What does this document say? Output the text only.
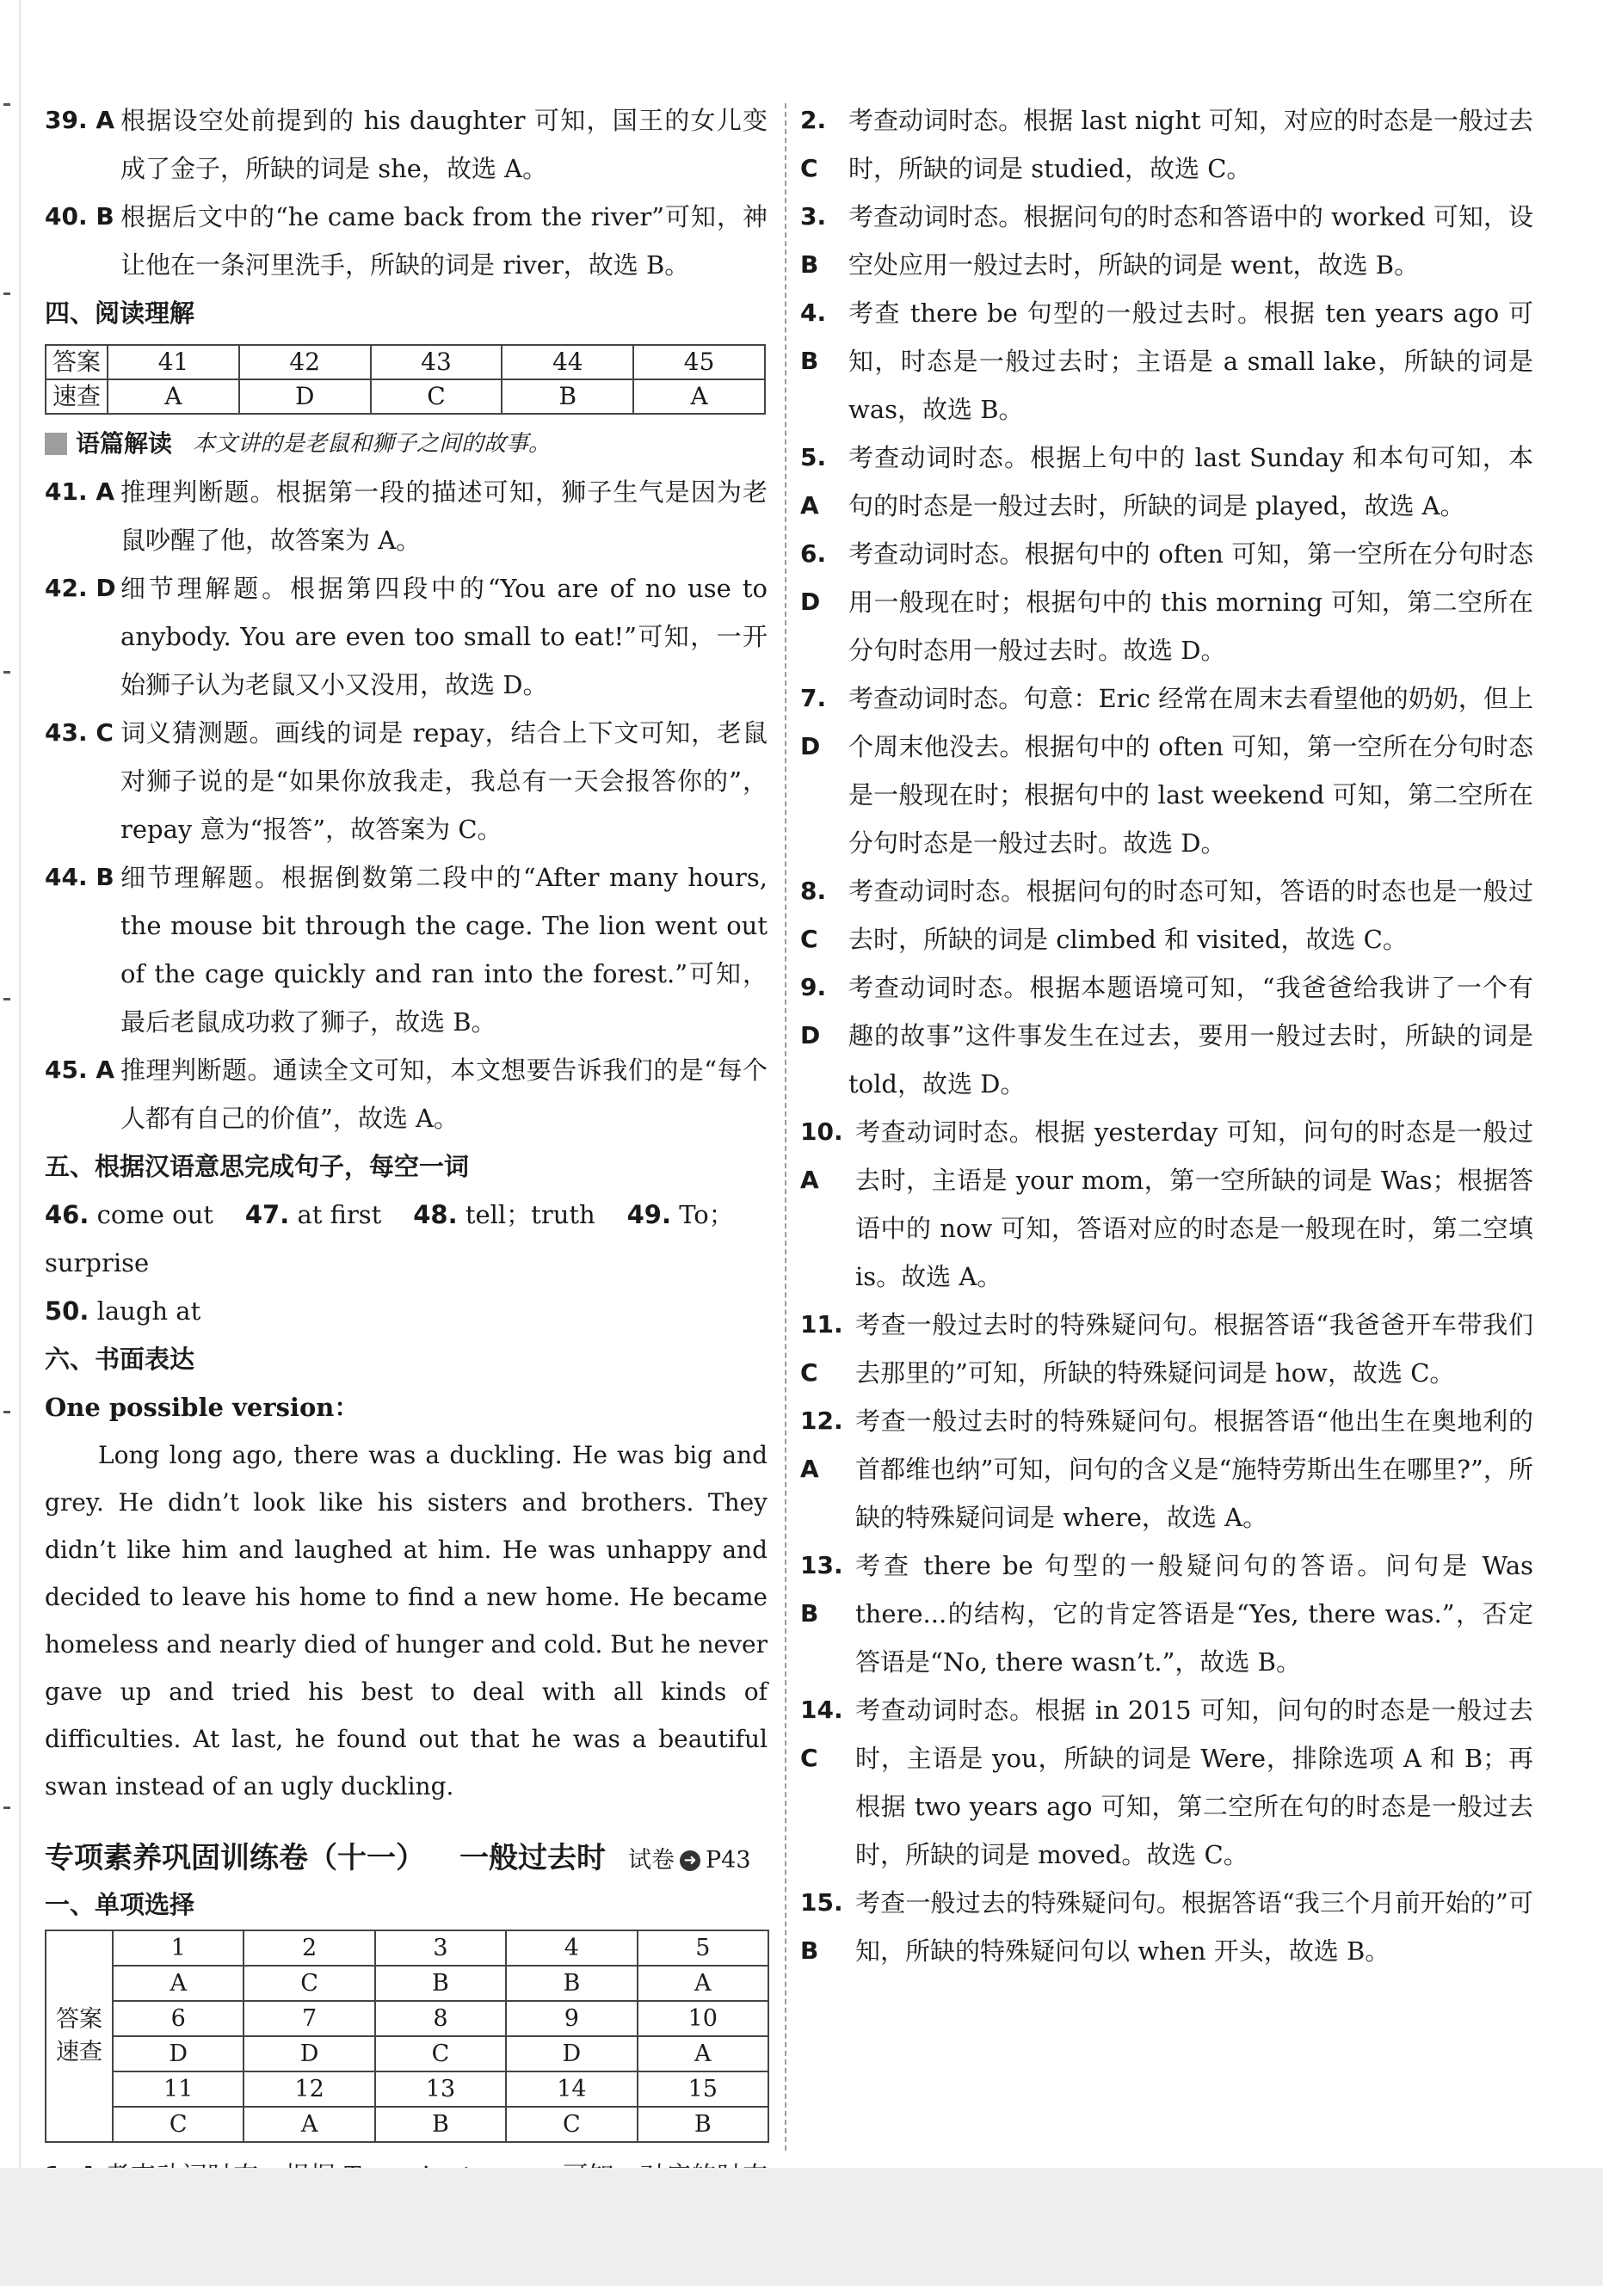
39. A 根据设空处前提到的 his daughter 可知，国王的女儿变成了金子，所缺的词是 she，故选 A。
40. B 根据后文中的“he came back from the river”可知，神让他在一条河里洗手，所缺的词是 river，故选 B。
四、阅读理解
答案	41	42	43	44	45
速查	A	D	C	B	A
语篇解读 本文讲的是老鼠和狮子之间的故事。
41. A 推理判断题。根据第一段的描述可知，狮子生气是因为老鼠吵醒了他，故答案为 A。
42. D 细节理解题。根据第四段中的“You are of no use to anybody. You are even too small to eat!”可知，一开始狮子认为老鼠又小又没用，故选 D。
43. C 词义猜测题。画线的词是 repay，结合上下文可知，老鼠对狮子说的是“如果你放我走，我总有一天会报答你的”，repay 意为“报答”，故答案为 C。
44. B 细节理解题。根据倒数第二段中的“After many hours, the mouse bit through the cage. The lion went out of the cage quickly and ran into the forest.”可知，最后老鼠成功救了狮子，故选 B。
45. A 推理判断题。通读全文可知，本文想要告诉我们的是“每个人都有自己的价值”，故选 A。
五、根据汉语意思完成句子，每空一词
46. come out 47. at first 48. tell；truth 49. To；surprise
50. laugh at
六、书面表达
One possible version：
Long long ago, there was a duckling. He was big and grey. He didn’t look like his sisters and brothers. They didn’t like him and laughed at him. He was unhappy and decided to leave his home to find a new home. He became homeless and nearly died of hunger and cold. But he never gave up and tried his best to deal with all kinds of difficulties. At last, he found out that he was a beautiful swan instead of an ugly duckling.
专项素养巩固训练卷（十一） 一般过去时 试卷 ➜ P43
一、单项选择
答案速查	1	2	3	4	5
	A	C	B	B	A
	6	7	8	9	10
	D	D	C	D	A
	11	12	13	14	15
	C	A	B	C	B
2. C
考查动词时态。根据 last night 可知，对应的时态是一般过去时，所缺的词是 studied，故选 C。
3. B
考查动词时态。根据问句的时态和答语中的 worked 可知，设空处应用一般过去时，所缺的词是 went，故选 B。
4. B
考查 there be 句型的一般过去时。根据 ten years ago 可知，时态是一般过去时；主语是 a small lake，所缺的词是 was，故选 B。
5. A
考查动词时态。根据上句中的 last Sunday 和本句可知，本句的时态是一般过去时，所缺的词是 played，故选 A。
6. D
考查动词时态。根据句中的 often 可知，第一空所在分句时态用一般现在时；根据句中的 this morning 可知，第二空所在分句时态用一般过去时。故选 D。
7. D
考查动词时态。句意：Eric 经常在周末去看望他的奶奶，但上个周末他没去。根据句中的 often 可知，第一空所在分句时态是一般现在时；根据句中的 last weekend 可知，第二空所在分句时态是一般过去时。故选 D。
8. C
考查动词时态。根据问句的时态可知，答语的时态也是一般过去时，所缺的词是 climbed 和 visited，故选 C。
9. D
考查动词时态。根据本题语境可知，“我爸爸给我讲了一个有趣的故事”这件事发生在过去，要用一般过去时，所缺的词是 told，故选 D。
10. A
考查动词时态。根据 yesterday 可知，问句的时态是一般过去时，主语是 your mom，第一空所缺的词是 Was；根据答语中的 now 可知，答语对应的时态是一般现在时，第二空填 is。故选 A。
11. C
考查一般过去时的特殊疑问句。根据答语“我爸爸开车带我们去那里的”可知，所缺的特殊疑问词是 how，故选 C。
12. A
考查一般过去时的特殊疑问句。根据答语“他出生在奥地利的首都维也纳”可知，问句的含义是“施特劳斯出生在哪里?”，所缺的特殊疑问词是 where，故选 A。
13. B
考查 there be 句型的一般疑问句的答语。问句是 Was there...的结构，它的肯定答语是“Yes, there was.”，否定答语是“No, there wasn’t.”，故选 B。
14. C
考查动词时态。根据 in 2015 可知，问句的时态是一般过去时，主语是 you，所缺的词是 Were，排除选项 A 和 B；再根据 two years ago 可知，第二空所在句的时态是一般过去时，所缺的词是 moved。故选 C。
15. B
考查一般过去的特殊疑问句。根据答语“我三个月前开始的”可知，所缺的特殊疑问句以 when 开头，故选 B。
